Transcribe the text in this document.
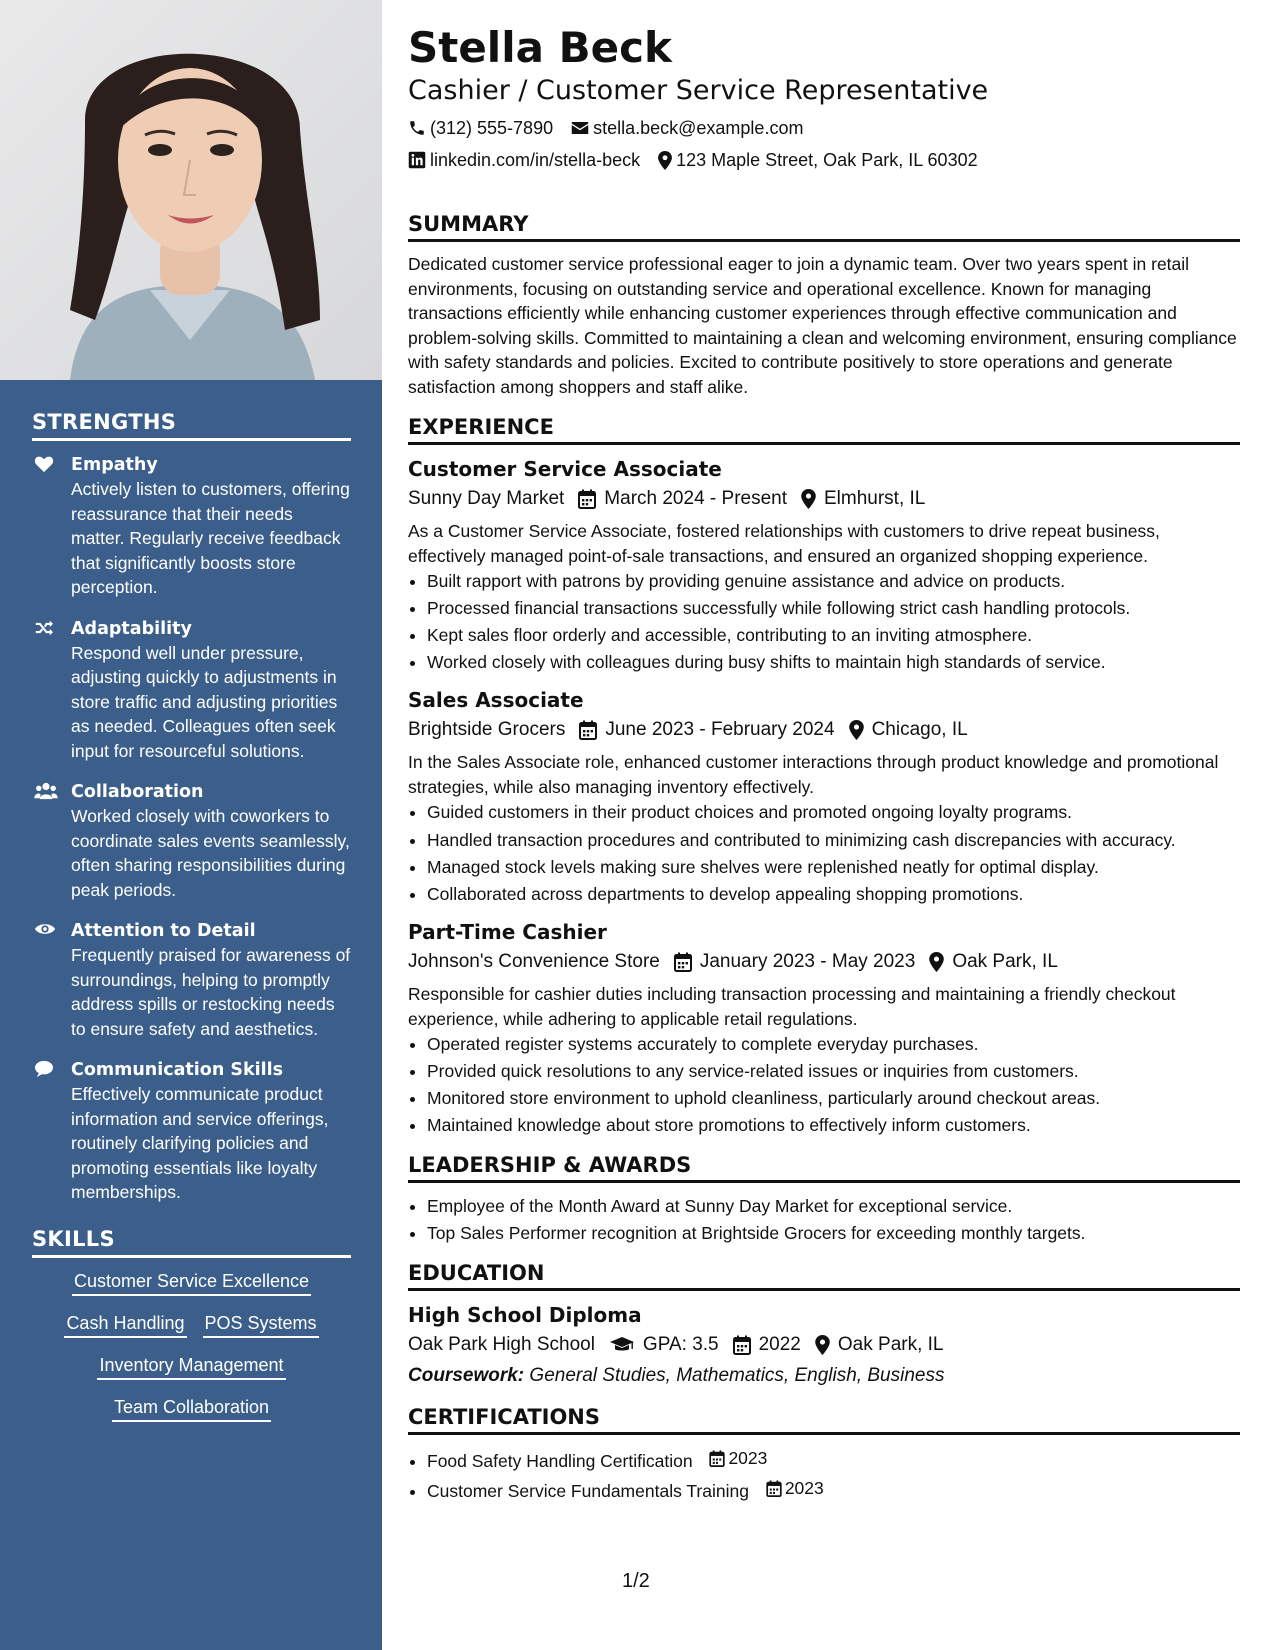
STRENGTHS
Empathy
Actively listen to customers, offering reassurance that their needs matter. Regularly receive feedback that significantly boosts store perception.
Adaptability
Respond well under pressure, adjusting quickly to adjustments in store traffic and adjusting priorities as needed. Colleagues often seek input for resourceful solutions.
Collaboration
Worked closely with coworkers to coordinate sales events seamlessly, often sharing responsibilities during peak periods.
Attention to Detail
Frequently praised for awareness of surroundings, helping to promptly address spills or restocking needs to ensure safety and aesthetics.
Communication Skills
Effectively communicate product information and service offerings, routinely clarifying policies and promoting essentials like loyalty memberships.
SKILLS
Customer Service Excellence
Cash Handling POS Systems
Inventory Management
Team Collaboration
Stella Beck
Cashier / Customer Service Representative
(312) 555-7890 stella.beck@example.com
linkedin.com/in/stella-beck 123 Maple Street, Oak Park, IL 60302
SUMMARY

Dedicated customer service professional eager to join a dynamic team. Over two years spent in retail environments, focusing on outstanding service and operational excellence. Known for managing transactions efficiently while enhancing customer experiences through effective communication and problem-solving skills. Committed to maintaining a clean and welcoming environment, ensuring compliance with safety standards and policies. Excited to contribute positively to store operations and generate satisfaction among shoppers and staff alike.

EXPERIENCE
Customer Service Associate
Sunny Day Market March 2024 - Present Elmhurst, IL

As a Customer Service Associate, fostered relationships with customers to drive repeat business, effectively managed point-of-sale transactions, and ensured an organized shopping experience.

• Built rapport with patrons by providing genuine assistance and advice on products.
• Processed financial transactions successfully while following strict cash handling protocols.
• Kept sales floor orderly and accessible, contributing to an inviting atmosphere.
• Worked closely with colleagues during busy shifts to maintain high standards of service.
Sales Associate
Brightside Grocers June 2023 - February 2024 Chicago, IL

In the Sales Associate role, enhanced customer interactions through product knowledge and promotional strategies, while also managing inventory effectively.

• Guided customers in their product choices and promoted ongoing loyalty programs.
• Handled transaction procedures and contributed to minimizing cash discrepancies with accuracy.
• Managed stock levels making sure shelves were replenished neatly for optimal display.
• Collaborated across departments to develop appealing shopping promotions.
Part-Time Cashier
Johnson's Convenience Store January 2023 - May 2023 Oak Park, IL

Responsible for cashier duties including transaction processing and maintaining a friendly checkout experience, while adhering to applicable retail regulations.

• Operated register systems accurately to complete everyday purchases.
• Provided quick resolutions to any service-related issues or inquiries from customers.
• Monitored store environment to uphold cleanliness, particularly around checkout areas.
• Maintained knowledge about store promotions to effectively inform customers.
LEADERSHIP & AWARDS
• Employee of the Month Award at Sunny Day Market for exceptional service.
• Top Sales Performer recognition at Brightside Grocers for exceeding monthly targets.
EDUCATION
High School Diploma
Oak Park High School	GPA: 3.5 2022 Oak Park, IL
Coursework: General Studies, Mathematics, English, Business
CERTIFICATIONS
• Food Safety Handling Certification 2023
• Customer Service Fundamentals Training 2023
1/2
